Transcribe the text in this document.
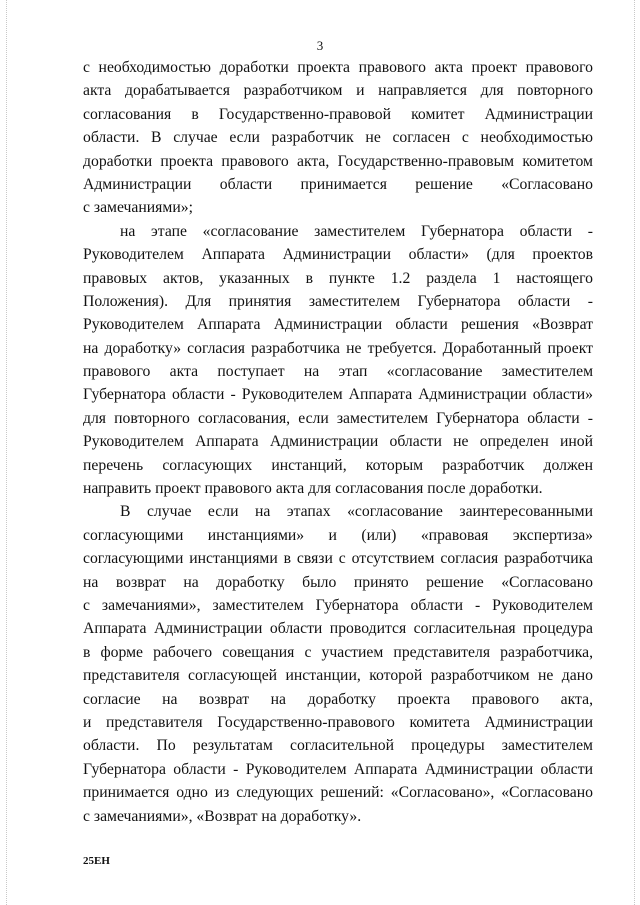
3
с необходимостью доработки проекта правового акта проект правового
акта дорабатывается разработчиком и направляется для повторного
согласования в Государственно-правовой комитет Администрации
области. В случае если разработчик не согласен с необходимостью
доработки проекта правового акта, Государственно-правовым комитетом
Администрации области принимается решение «Согласовано
с замечаниями»;
на этапе «согласование заместителем Губернатора области -
Руководителем Аппарата Администрации области» (для проектов
правовых актов, указанных в пункте 1.2 раздела 1 настоящего
Положения). Для принятия заместителем Губернатора области -
Руководителем Аппарата Администрации области решения «Возврат
на доработку» согласия разработчика не требуется. Доработанный проект
правового акта поступает на этап «согласование заместителем
Губернатора области - Руководителем Аппарата Администрации области»
для повторного согласования, если заместителем Губернатора области -
Руководителем Аппарата Администрации области не определен иной
перечень согласующих инстанций, которым разработчик должен
направить проект правового акта для согласования после доработки.
В случае если на этапах «согласование заинтересованными
согласующими инстанциями» и (или) «правовая экспертиза»
согласующими инстанциями в связи с отсутствием согласия разработчика
на возврат на доработку было принято решение «Согласовано
с замечаниями», заместителем Губернатора области - Руководителем
Аппарата Администрации области проводится согласительная процедура
в форме рабочего совещания с участием представителя разработчика,
представителя согласующей инстанции, которой разработчиком не дано
согласие на возврат на доработку проекта правового акта,
и представителя Государственно-правового комитета Администрации
области. По результатам согласительной процедуры заместителем
Губернатора области - Руководителем Аппарата Администрации области
принимается одно из следующих решений: «Согласовано», «Согласовано
с замечаниями», «Возврат на доработку».
25ЕН
